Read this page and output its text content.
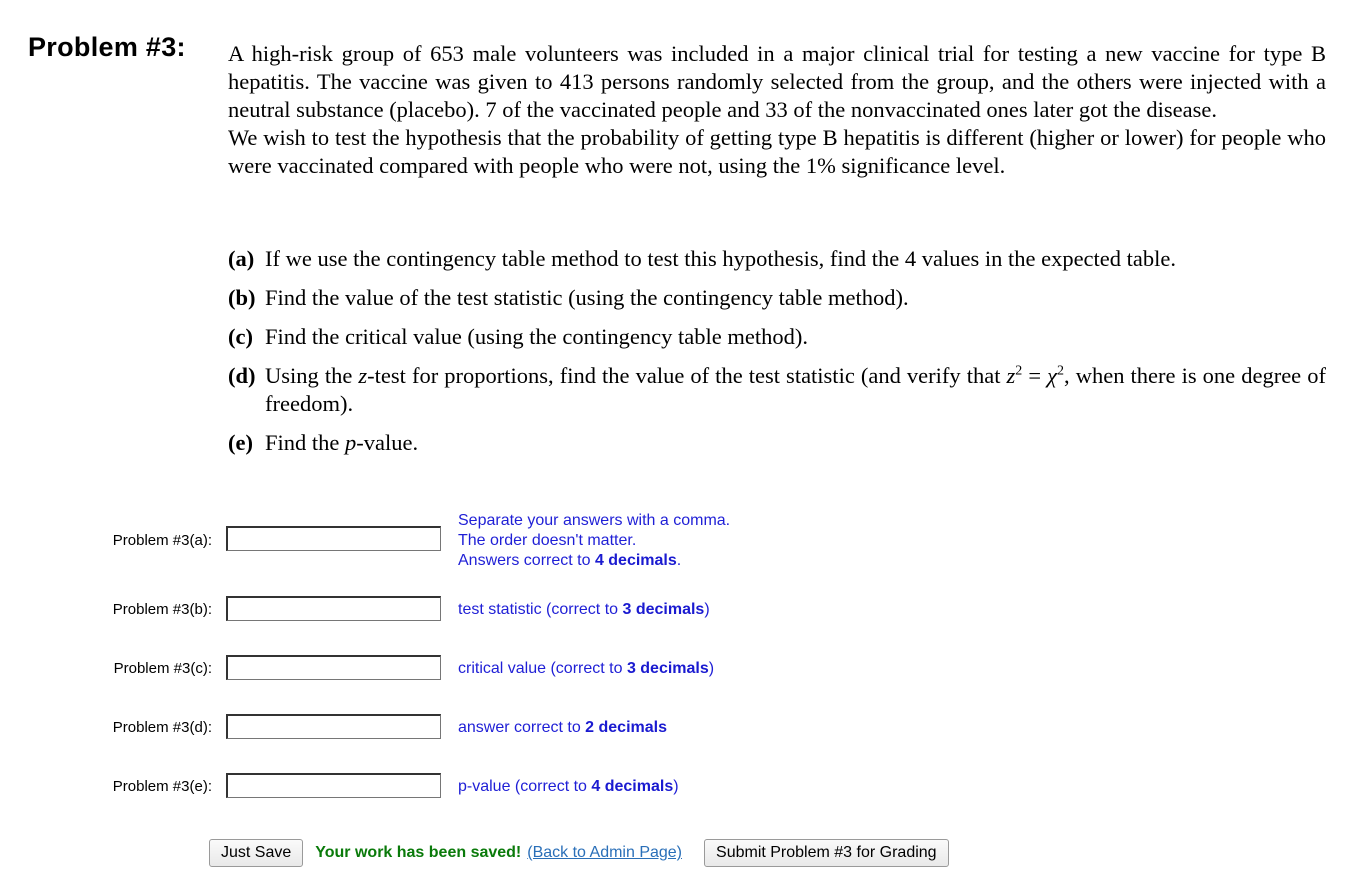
Problem #3: A high-risk group of 653 male volunteers was included in a major clinical trial for testing a new vaccine for type B hepatitis. The vaccine was given to 413 persons randomly selected from the group, and the others were injected with a neutral substance (placebo). 7 of the vaccinated people and 33 of the nonvaccinated ones later got the disease.

We wish to test the hypothesis that the probability of getting type B hepatitis is different (higher or lower) for people who were vaccinated compared with people who were not, using the 1% significance level.

(a) If we use the contingency table method to test this hypothesis, find the 4 values in the expected table.
(b) Find the value of the test statistic (using the contingency table method).
(c) Find the critical value (using the contingency table method).
(d) Using the z-test for proportions, find the value of the test statistic (and verify that $z^2 = \chi^2$, when there is one degree of freedom).
(e) Find the p-value.
Problem #3(a):
Separate your answers with a comma.
The order doesn't matter.
Answers correct to 4 decimals.
Problem #3(b):	test statistic (correct to 3 decimals)
Problem #3(c):	critical value (correct to 3 decimals)
Problem #3(d):	answer correct to 2 decimals
Problem #3(e):	p-value (correct to 4 decimals)
Just Save	Your work has been saved! (Back to Admin Page)	Submit Problem #3 for Grading
